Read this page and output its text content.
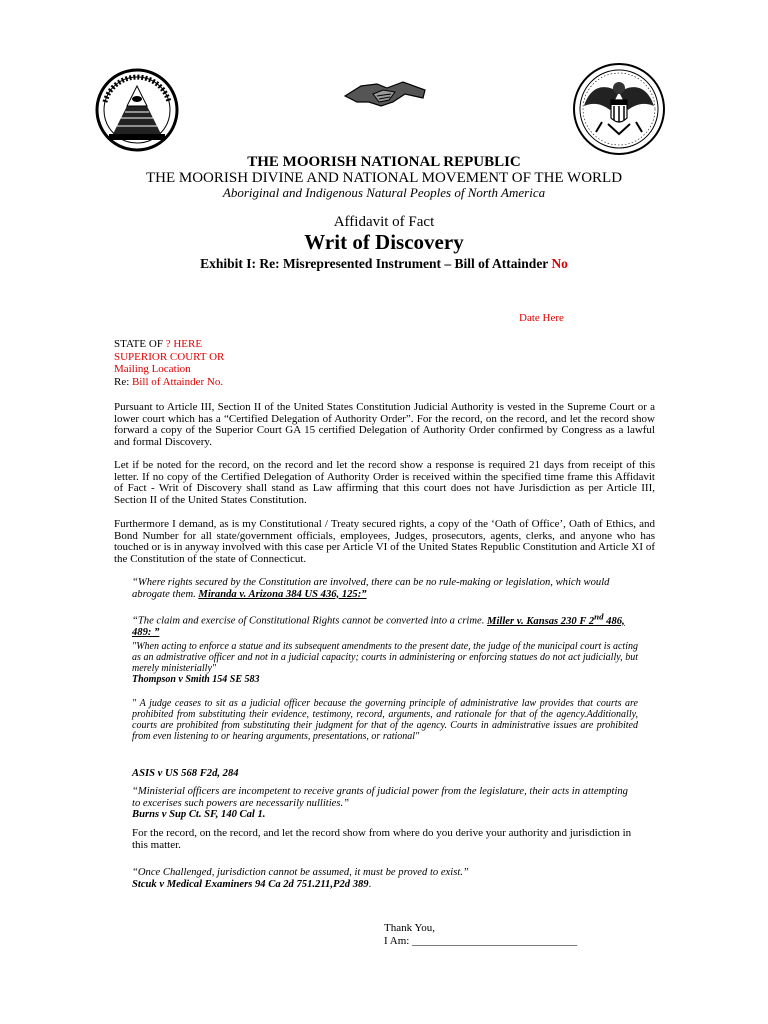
THE MOORISH NATIONAL REPUBLIC
THE MOORISH DIVINE AND NATIONAL MOVEMENT OF THE WORLD
Aboriginal and Indigenous Natural Peoples of North America
Affidavit of Fact
Writ of Discovery
Exhibit I: Re: Misrepresented Instrument – Bill of Attainder No
Date Here
STATE OF ? HERE
SUPERIOR COURT OR
Mailing Location
Re: Bill of Attainder No.
Pursuant to Article III, Section II of the United States Constitution Judicial Authority is vested in the Supreme Court or a lower court which has a “Certified Delegation of Authority Order”. For the record, on the record, and let the record show forward a copy of the Superior Court GA 15 certified Delegation of Authority Order confirmed by Congress as a lawful and formal Discovery.
Let if be noted for the record, on the record and let the record show a response is required 21 days from receipt of this letter. If no copy of the Certified Delegation of Authority Order is received within the specified time frame this Affidavit of Fact - Writ of Discovery shall stand as Law affirming that this court does not have Jurisdiction as per Article III, Section II of the United States Constitution.
Furthermore I demand, as is my Constitutional / Treaty secured rights, a copy of the ‘Oath of Office’, Oath of Ethics, and Bond Number for all state/government officials, employees, Judges, prosecutors, agents, clerks, and anyone who has touched or is in anyway involved with this case per Article VI of the United States Republic Constitution and Article XI of the Constitution of the state of Connecticut.
“Where rights secured by the Constitution are involved, there can be no rule-making or legislation, which would abrogate them. Miranda v. Arizona 384 US 436, 125:”
“The claim and exercise of Constitutional Rights cannot be converted into a crime. Miller v. Kansas 230 F 2nd 486, 489: ”
"When acting to enforce a statue and its subsequent amendments to the present date, the judge of the municipal court is acting as an admistrative officer and not in a judicial capacity; courts in administering or enforcing statues do not act judicially, but merely ministerially"
Thompson v Smith 154 SE 583
" A judge ceases to sit as a judicial officer because the governing principle of administrative law provides that courts are prohibited from substituting their evidence, testimony, record, arguments, and rationale for that of the agency.Additionally, courts are prohibited from substituting their judgment for that of the agency. Courts in administrative issues are prohibited from even listening to or hearing arguments, presentations, or rational"
ASIS v US 568 F2d, 284
“Ministerial officers are incompetent to receive grants of judicial power from the legislature, their acts in attempting to excerises such powers are necessarily nullities.”
Burns v Sup Ct. SF, 140 Cal 1.
For the record, on the record, and let the record show from where do you derive your authority and jurisdiction in this matter.
“Once Challenged, jurisdiction cannot be assumed, it must be proved to exist.”
Stcuk v Medical Examiners 94 Ca 2d 751.211,P2d 389.
Thank You,
I Am: ______________________________
